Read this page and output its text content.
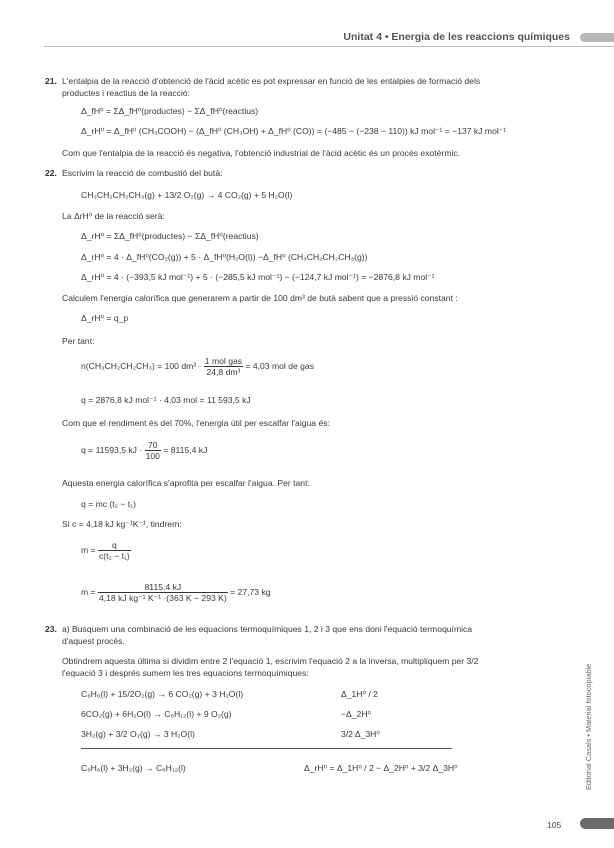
Unitat 4 • Energia de les reaccions químiques
21. L'entalpia de la reacció d'obtenció de l'àcid acètic es pot expressar en funció de les entalpies de formació dels
productes i reactius de la reacció:
Δ_fH⁰ = ΣΔ_fH⁰(productes) − ΣΔ_fH⁰(reactius)
Δ_rH⁰ = Δ_fH⁰ (CH₃COOH) − (Δ_fH⁰ (CH₃OH) + Δ_fH⁰ (CO)) = (−485 − (−238 − 110)) kJ mol⁻¹ = −137 kJ mol⁻¹
Com que l'entalpia de la reacció és negativa, l'obtenció industrial de l'àcid acètic és un procés exotèrmic.
22. Escrivim la reacció de combustió del butà:
CH₃CH₂CH₂CH₃(g) + 13/2 O₂(g) → 4 CO₂(g) + 5 H₂O(l)
La ΔrH⁰ de la reacció serà:
Δ_rH⁰ = ΣΔ_fH⁰(productes) − ΣΔ_fH⁰(reactius)
Δ_rH⁰ = 4 · Δ_fH⁰(CO₂(g)) + 5 · Δ_fH⁰(H₂O(l)) −Δ_fH⁰ (CH₃CH₂CH₂CH₃(g))
Δ_rH⁰ = 4 · (−393,5 kJ mol⁻¹) + 5 · (−285,5 kJ mol⁻¹) − (−124,7 kJ mol⁻¹) = −2876,8 kJ mol⁻¹
Calculem l'energia calorífica que generarem a partir de 100 dm³ de butà sabent que a pressió constant :
Δ_rH⁰ = q_p
Per tant:
n(CH₃CH₂CH₂CH₃) = 100 $dm^3 \cdot \frac{\text{1 mol gas}}{\text{24,8 dm³}} = 4,03$ mol de gas
q = 2876,8 kJ mol⁻¹ · 4,03 mol = 11 593,5 kJ
Com que el rendiment és del 70%, l'energia útil per escalfar l'aigua és:
q = 11593,5 kJ · $\frac{70}{100} = 8115,4$ kJ
Aquesta energia calorífica s'aprofita per escalfar l'aigua. Per tant:
q = mc (t₂ − t₁)
Si c = 4,18 kJ kg⁻¹K⁻¹, tindrem:
$m = \frac{q}{\text{c(t₂ − t₁)}}$
$m = \frac{8115,4 kJ}{\text{4,18 kJ kg⁻¹ K⁻¹ ·(363 K − 293 K)}} = 27,73$ kg
23. a) Busquem una combinació de les equacions termoquímiques 1, 2 i 3 que ens doni l'equació termoquímica
d'aquest procés.
Obtindrem aquesta última si dividim entre 2 l'equació 1, escrivim l'equació 2 a la inversa, multipliquem per 3/2
l'equació 3 i després sumem les tres equacions termoquímiques:
C₆H₆(l) + 15/2O₂(g) → 6 CO₂(g) + 3 H₂O(l)	Δ_1H⁰ / 2
6CO₂(g) + 6H₂O(l) → C₆H₁₂(l) + 9 O₂(g)	−Δ_2H⁰
3H₂(g) + 3/2 O₂(g) → 3 H₂O(l)	3/2 Δ_3H⁰
C₆H₆(l) + 3H₂(g) → C₆H₁₂(l)	Δ_rH⁰ = Δ_1H⁰ / 2 − Δ_2H⁰ + 3/2 Δ_3H⁰	Editorial Casals • Material fotocopiable
105
